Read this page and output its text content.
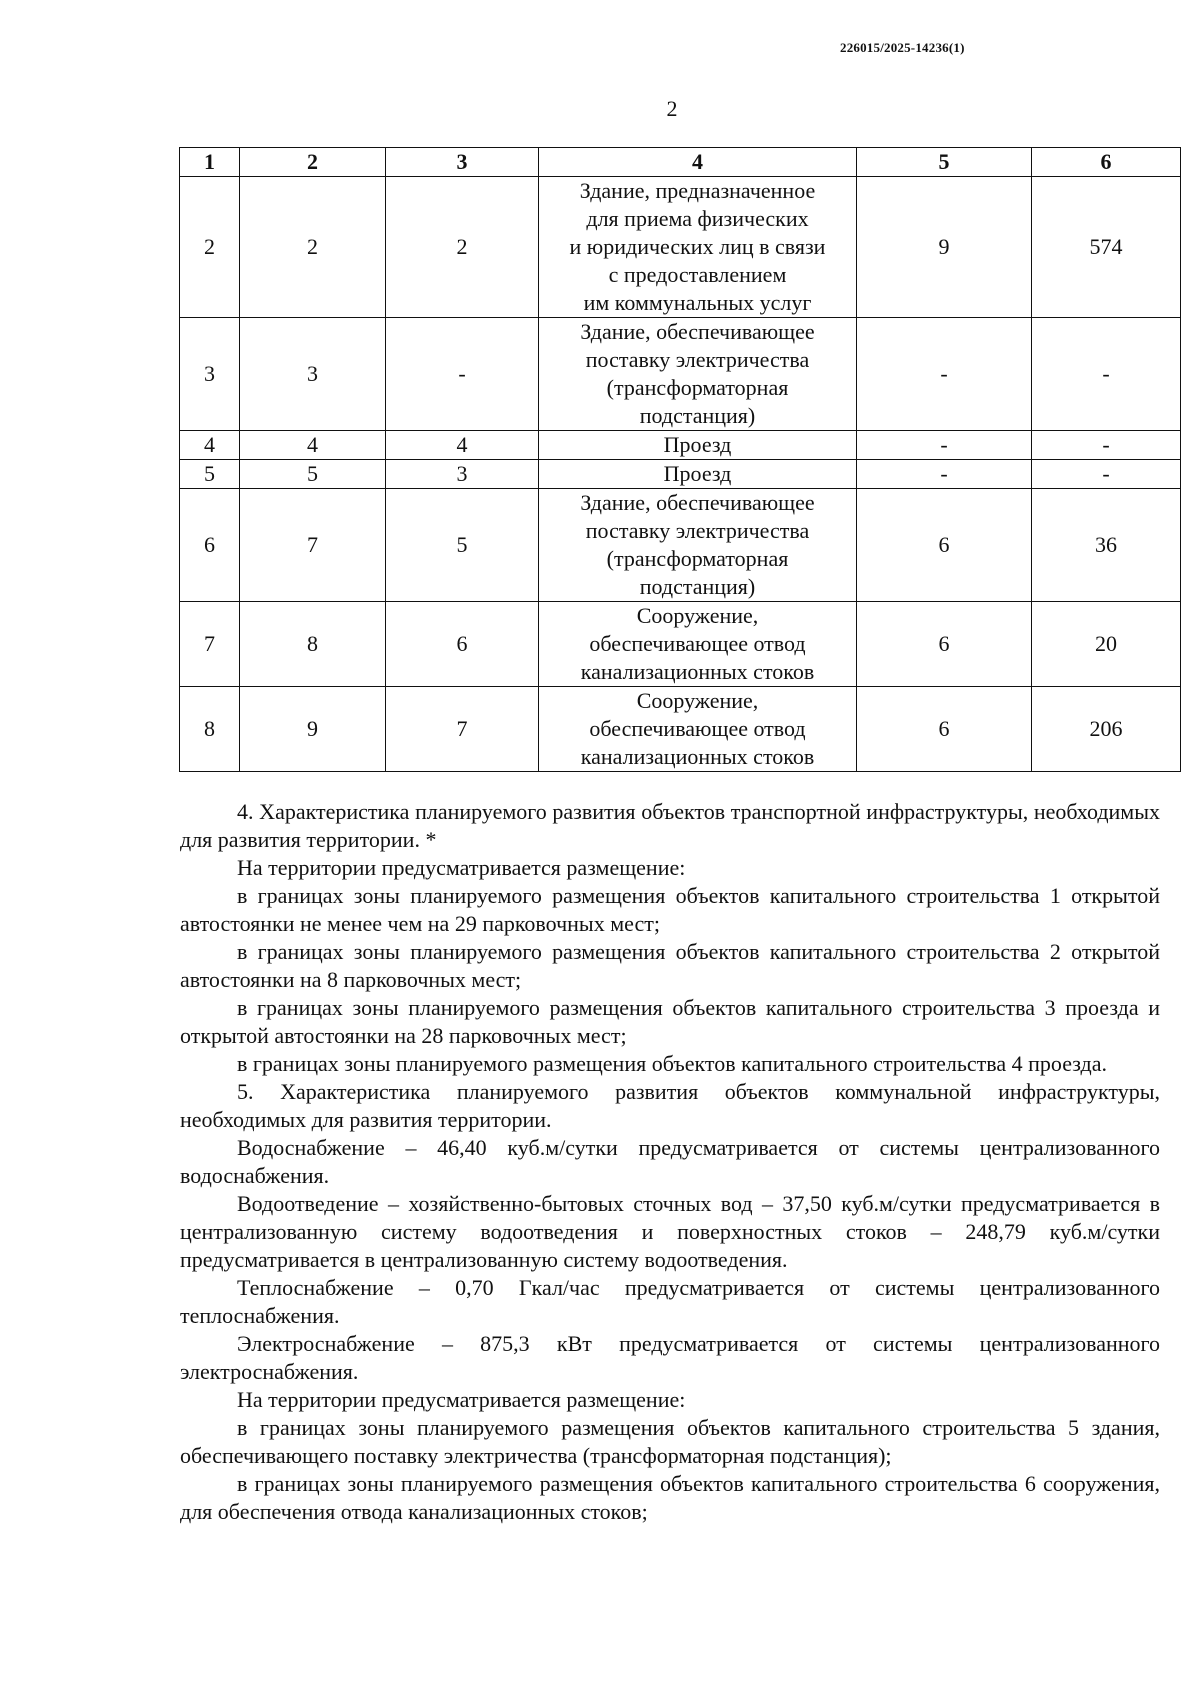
226015/2025-14236(1)
2
1	2	3	4	5	6
2	2	2	Здание, предназначенное
для приема физических
и юридических лиц в связи
с предоставлением
им коммунальных услуг	9	574
3	3	-	Здание, обеспечивающее
поставку электричества
(трансформаторная
подстанция)	-	-
4	4	4	Проезд	-	-
5	5	3	Проезд	-	-
6	7	5	Здание, обеспечивающее
поставку электричества
(трансформаторная
подстанция)	6	36
7	8	6	Сооружение,
обеспечивающее отвод
канализационных стоков	6	20
8	9	7	Сооружение,
обеспечивающее отвод
канализационных стоков	6	206

4. Характеристика планируемого развития объектов транспортной инфраструктуры, необходимых для развития территории. *

На территории предусматривается размещение:

в границах зоны планируемого размещения объектов капитального строительства 1 открытой автостоянки не менее чем на 29 парковочных мест;

в границах зоны планируемого размещения объектов капитального строительства 2 открытой автостоянки на 8 парковочных мест;

в границах зоны планируемого размещения объектов капитального строительства 3 проезда и открытой автостоянки на 28 парковочных мест;

в границах зоны планируемого размещения объектов капитального строительства 4 проезда.

5. Характеристика планируемого развития объектов коммунальной инфраструктуры, необходимых для развития территории.

Водоснабжение – 46,40 куб.м/сутки предусматривается от системы централизованного водоснабжения.

Водоотведение – хозяйственно-бытовых сточных вод – 37,50 куб.м/сутки предусматривается в централизованную систему водоотведения и поверхностных стоков – 248,79 куб.м/сутки предусматривается в централизованную систему водоотведения.

Теплоснабжение – 0,70 Гкал/час предусматривается от системы централизованного теплоснабжения.

Электроснабжение – 875,3 кВт предусматривается от системы централизованного электроснабжения.

На территории предусматривается размещение:

в границах зоны планируемого размещения объектов капитального строительства 5 здания, обеспечивающего поставку электричества (трансформаторная подстанция);

в границах зоны планируемого размещения объектов капитального строительства 6 сооружения, для обеспечения отвода канализационных стоков;
